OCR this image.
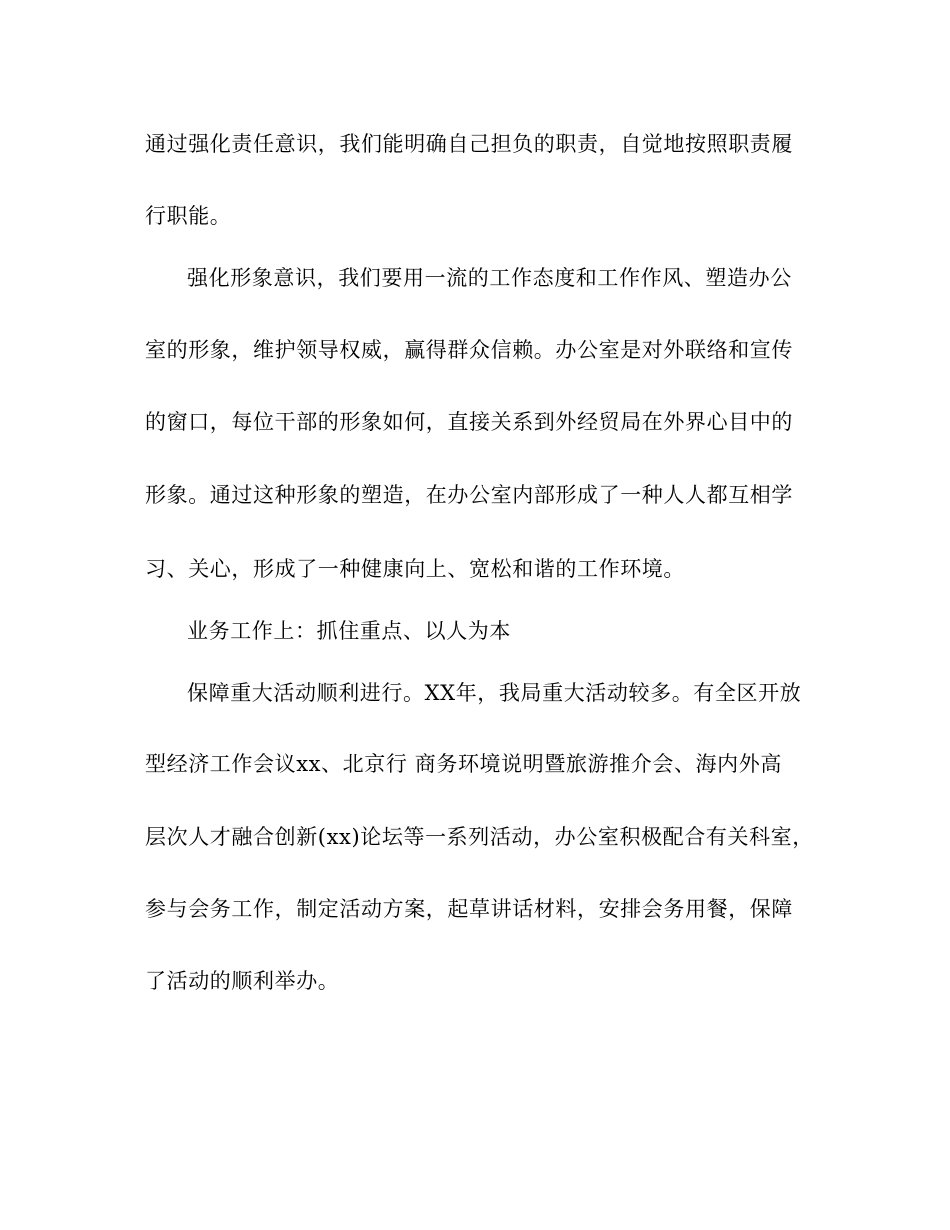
通过强化责任意识，我们能明确自己担负的职责，自觉地按照职责履
行职能。
强化形象意识，我们要用一流的工作态度和工作作风、塑造办公
室的形象，维护领导权威，赢得群众信赖。办公室是对外联络和宣传
的窗口，每位干部的形象如何，直接关系到外经贸局在外界心目中的
形象。通过这种形象的塑造，在办公室内部形成了一种人人都互相学
习、关心，形成了一种健康向上、宽松和谐的工作环境。
业务工作上：抓住重点、以人为本
保障重大活动顺利进行。XX年，我局重大活动较多。有全区开放
型经济工作会议xx、北京行 商务环境说明暨旅游推介会、海内外高
层次人才融合创新(xx)论坛等一系列活动，办公室积极配合有关科室，
参与会务工作，制定活动方案，起草讲话材料，安排会务用餐，保障
了活动的顺利举办。
